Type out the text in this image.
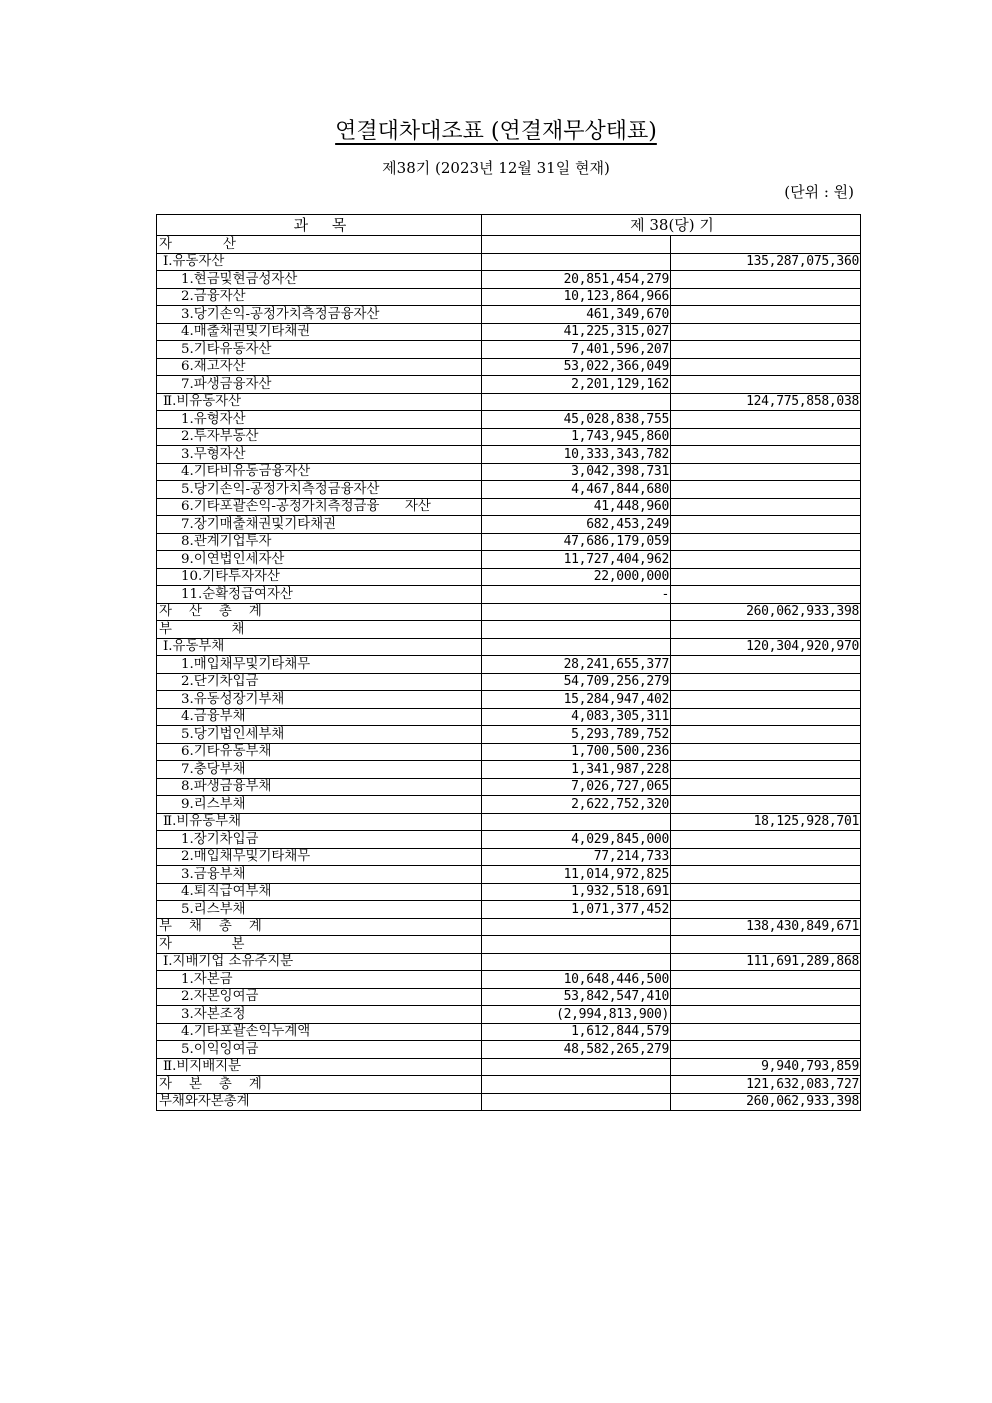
연결대차대조표 (연결재무상태표)
제38기 (2023년 12월 31일 현재)
(단위 : 원)
과     목	제 38(당) 기	
자            산		
Ⅰ.유동자산		135,287,075,360
1.현금및현금성자산	20,851,454,279	
2.금융자산	10,123,864,966	
3.당기손익-공정가치측정금융자산	461,349,670	
4.매출채권및기타채권	41,225,315,027	
5.기타유동자산	7,401,596,207	
6.재고자산	53,022,366,049	
7.파생금융자산	2,201,129,162	
Ⅱ.비유동자산		124,775,858,038
1.유형자산	45,028,838,755	
2.투자부동산	1,743,945,860	
3.무형자산	10,333,343,782	
4.기타비유동금융자산	3,042,398,731	
5.당기손익-공정가치측정금융자산	4,467,844,680	
6.기타포괄손익-공정가치측정금융      자산	41,448,960	
7.장기매출채권및기타채권	682,453,249	
8.관계기업투자	47,686,179,059	
9.이연법인세자산	11,727,404,962	
10.기타투자자산	22,000,000	
11.순확정급여자산	-	
자    산    총    계		260,062,933,398
부              채		
Ⅰ.유동부채		120,304,920,970
1.매입채무및기타채무	28,241,655,377	
2.단기차입금	54,709,256,279	
3.유동성장기부채	15,284,947,402	
4.금융부채	4,083,305,311	
5.당기법인세부채	5,293,789,752	
6.기타유동부채	1,700,500,236	
7.충당부채	1,341,987,228	
8.파생금융부채	7,026,727,065	
9.리스부채	2,622,752,320	
Ⅱ.비유동부채		18,125,928,701
1.장기차입금	4,029,845,000	
2.매입채무및기타채무	77,214,733	
3.금융부채	11,014,972,825	
4.퇴직급여부채	1,932,518,691	
5.리스부채	1,071,377,452	
부    채    총    계		138,430,849,671
자              본		
Ⅰ.지배기업 소유주지분		111,691,289,868
1.자본금	10,648,446,500	
2.자본잉여금	53,842,547,410	
3.자본조정	(2,994,813,900)	
4.기타포괄손익누계액	1,612,844,579	
5.이익잉여금	48,582,265,279	
Ⅱ.비지배지분		9,940,793,859
자    본    총    계		121,632,083,727
부채와자본총계		260,062,933,398
